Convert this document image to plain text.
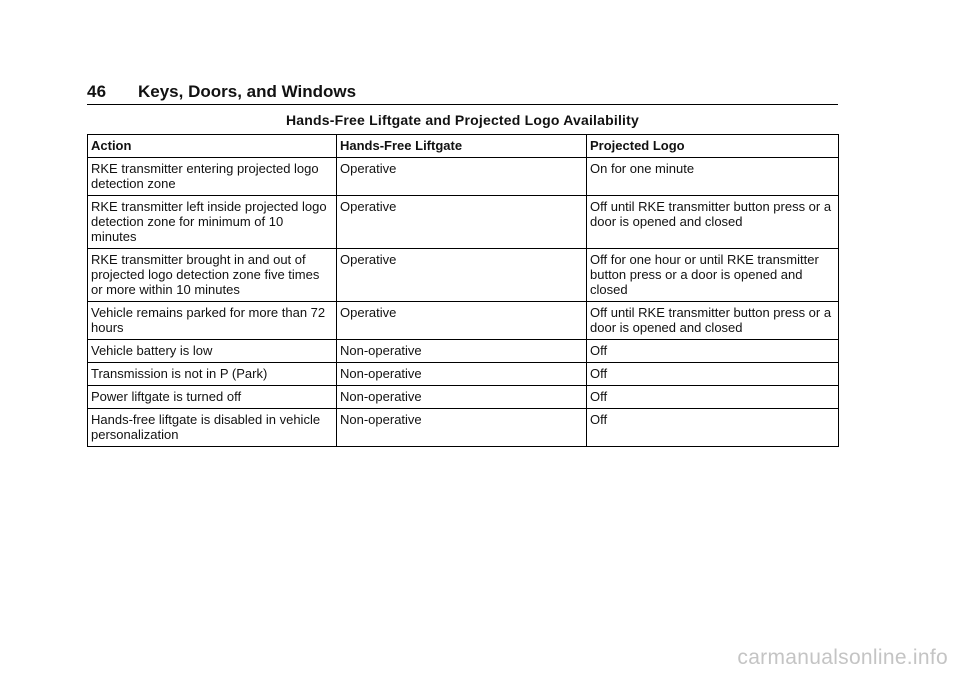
46 Keys, Doors, and Windows
Hands-Free Liftgate and Projected Logo Availability
Action	Hands-Free Liftgate	Projected Logo
RKE transmitter entering projected logo detection zone	Operative	On for one minute
RKE transmitter left inside projected logo detection zone for minimum of 10 minutes	Operative	Off until RKE transmitter button press or a door is opened and closed
RKE transmitter brought in and out of projected logo detection zone five times or more within 10 minutes	Operative	Off for one hour or until RKE transmitter button press or a door is opened and closed
Vehicle remains parked for more than 72 hours	Operative	Off until RKE transmitter button press or a door is opened and closed
Vehicle battery is low	Non-operative	Off
Transmission is not in P (Park)	Non-operative	Off
Power liftgate is turned off	Non-operative	Off
Hands-free liftgate is disabled in vehicle personalization	Non-operative	Off
carmanualsonline.info
